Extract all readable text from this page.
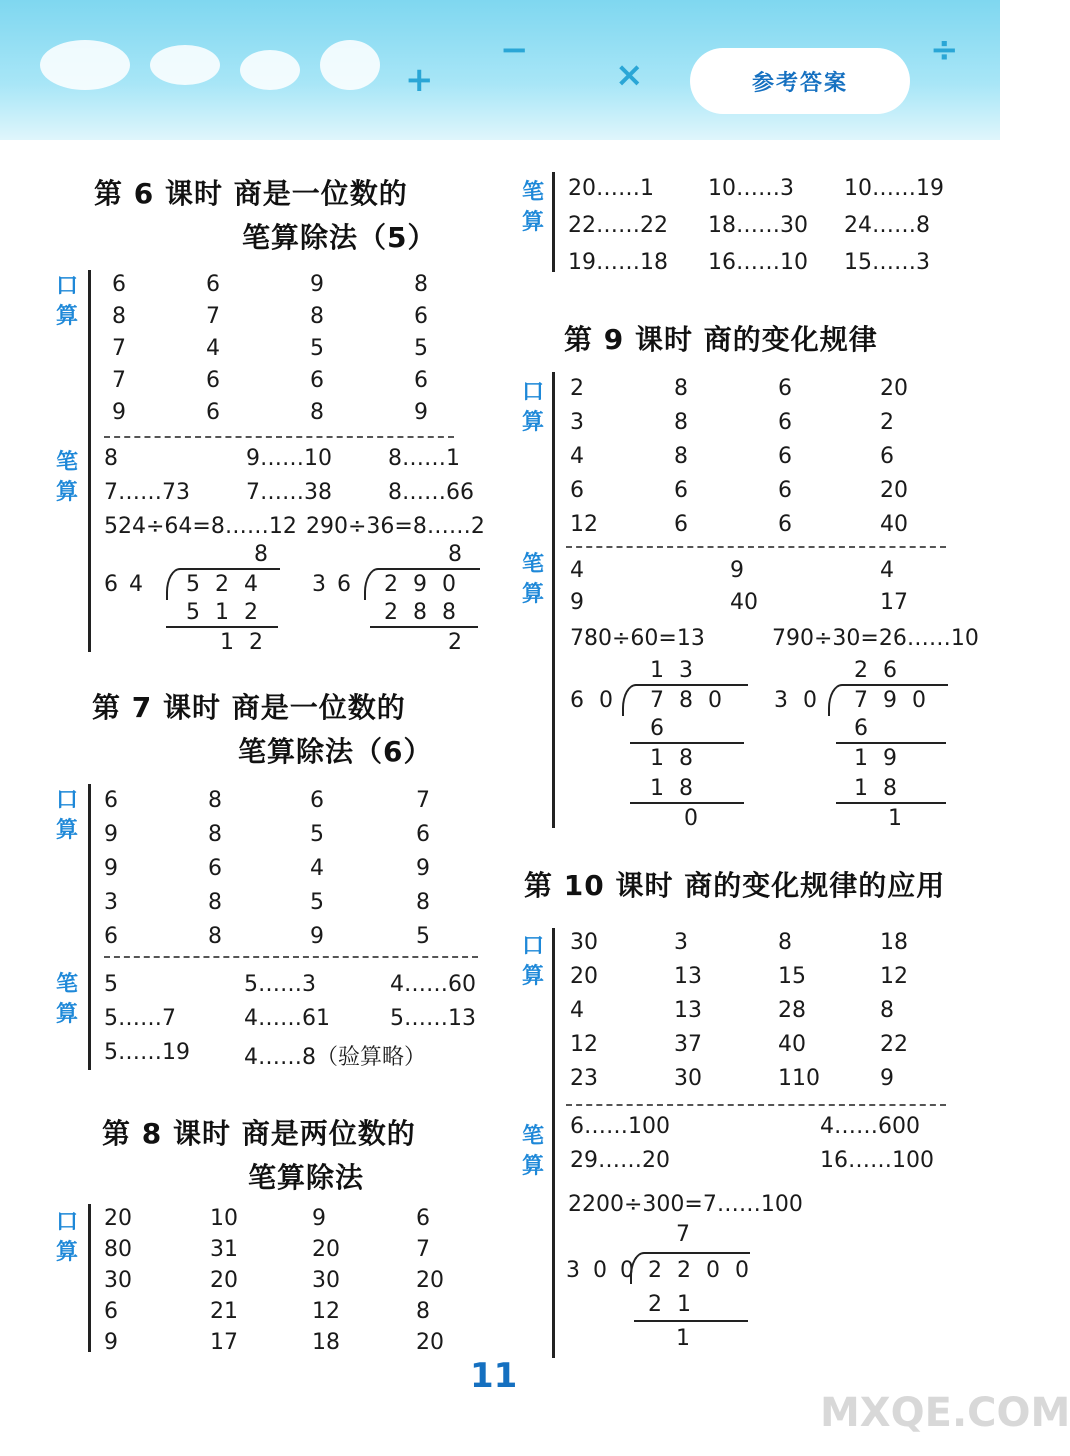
+
−
×
÷
参考答案
第 6 课时 商是一位数的
笔算除法（5）
口算
6	6	9	8
8	7	8	6
7	4	5	5
7	6	6	6
9	6	8	9
笔算
8	9……10	8……1
7……73	7……38	8……66
524÷64=8……12 290÷36=8……2
8
6 4 5 2 4
5 1 2
1 2
8
3 6 2 9 0
2 8 8
2
第 7 课时 商是一位数的
笔算除法（6）
口算
6	8	6	7
9	8	5	6
9	6	4	9
3	8	5	8
6	8	9	5
笔算
5	5……3	4……60
5……7	4……61	5……13
5……19 4……8（验算略）
第 8 课时 商是两位数的
笔算除法
口算
20	10	9	6
80	31	20	7
30	20	30	20
6	21	12	8
9	17	18	20
笔算
20……1 10……3 10……19
22……22 18……30 24……8
19……18 16……10 15……3
第 9 课时 商的变化规律
口算
2	8	6	20
3	8	6	2
4	8	6	6
6	6	6	20
12	6	6	40
笔算
4	9	4
9	40	17
780÷60=13	790÷30=26……10
1 3
6 0 7 8 0
6
1 8
1 8
0
2 6
3 0 7 9 0
6
1 9
1 8
1
第 10 课时 商的变化规律的应用
口算
30	3	8	18
20	13	15	12
4	13	28	8
12	37	40	22
23	30	110	9
笔算
6……100	4……600
29……20	16……100
2200÷300=7……100
7
3 0 0 2 2 0 0
2 1
1
11
MXQE.COM
